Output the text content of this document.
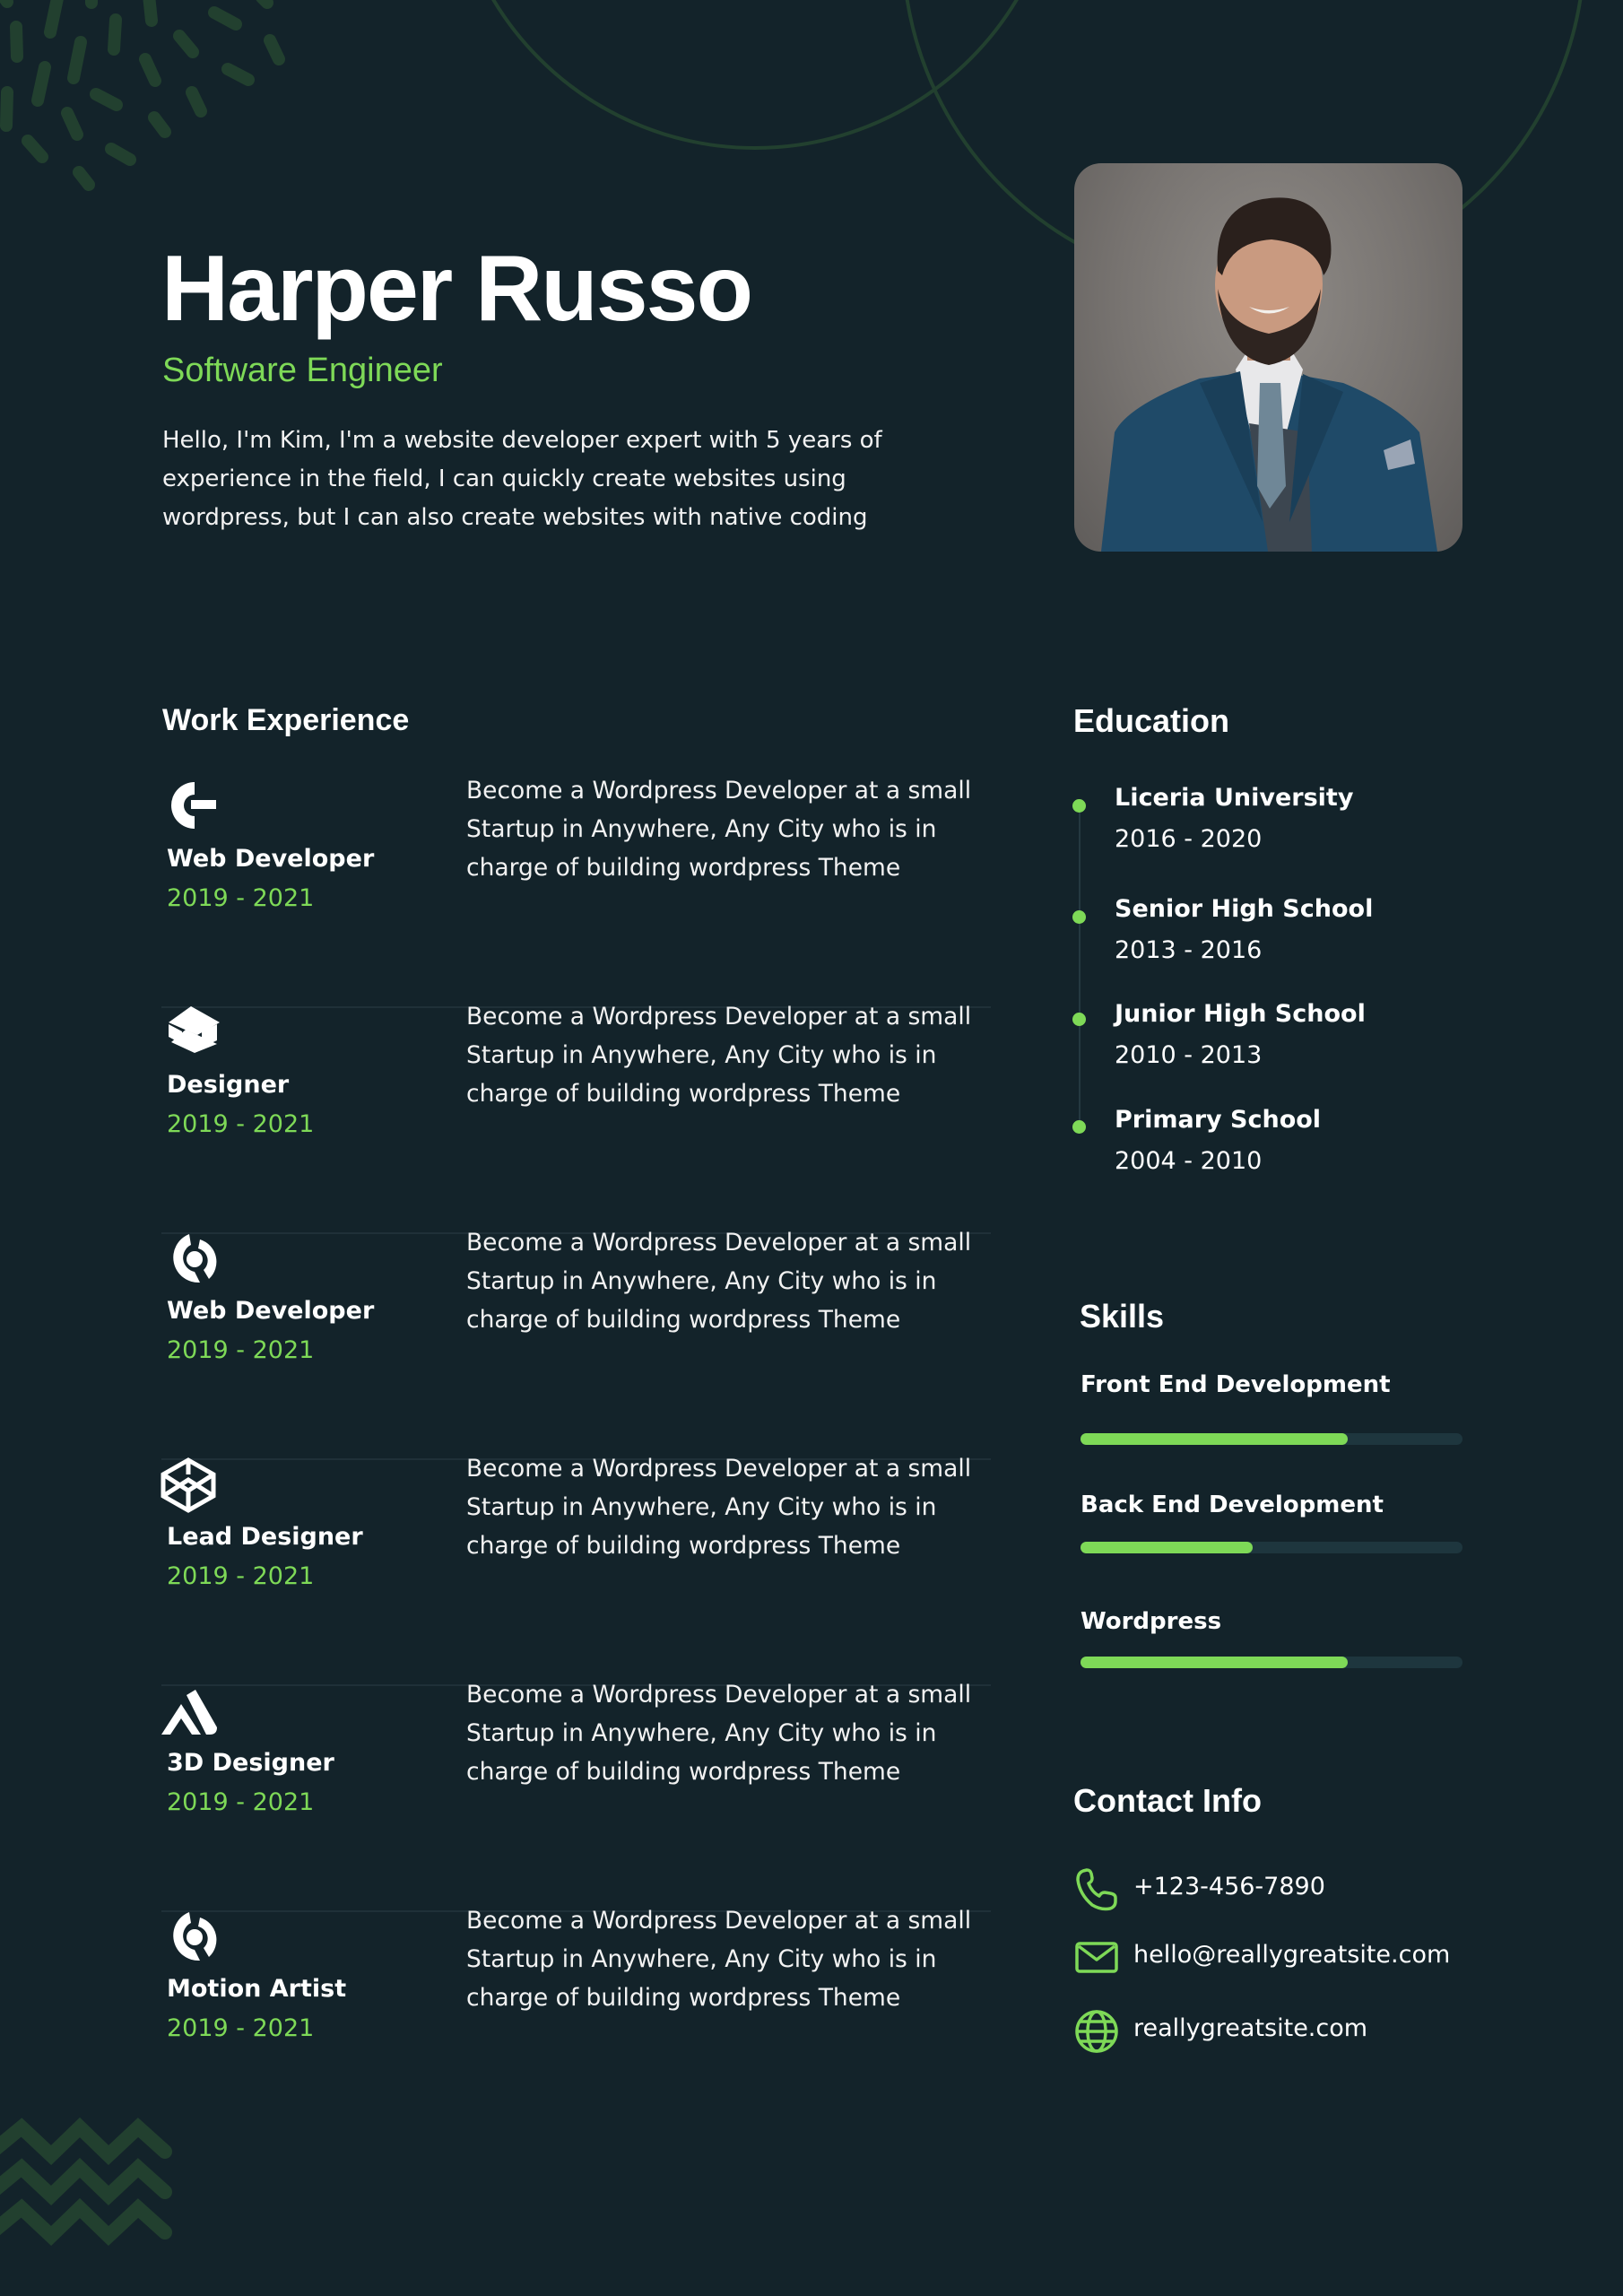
Harper Russo
Software Engineer
Hello, I'm Kim, I'm a website developer expert with 5 years of experience in the field, I can quickly create websites using wordpress, but I can also create websites with native coding
Work Experience
Web Developer
2019 - 2021
Become a Wordpress Developer at a small Startup in Anywhere, Any City who is in charge of building wordpress Theme
Designer
2019 - 2021
Become a Wordpress Developer at a small Startup in Anywhere, Any City who is in charge of building wordpress Theme
Web Developer
2019 - 2021
Become a Wordpress Developer at a small Startup in Anywhere, Any City who is in charge of building wordpress Theme
Lead Designer
2019 - 2021
Become a Wordpress Developer at a small Startup in Anywhere, Any City who is in charge of building wordpress Theme
3D Designer
2019 - 2021
Become a Wordpress Developer at a small Startup in Anywhere, Any City who is in charge of building wordpress Theme
Motion Artist
2019 - 2021
Become a Wordpress Developer at a small Startup in Anywhere, Any City who is in charge of building wordpress Theme
Education
Liceria University
2016 - 2020
Senior High School
2013 - 2016
Junior High School
2010 - 2013
Primary School
2004 - 2010
Skills
Front End Development
Back End Development
Wordpress
Contact Info
+123-456-7890
hello@reallygreatsite.com
reallygreatsite.com
